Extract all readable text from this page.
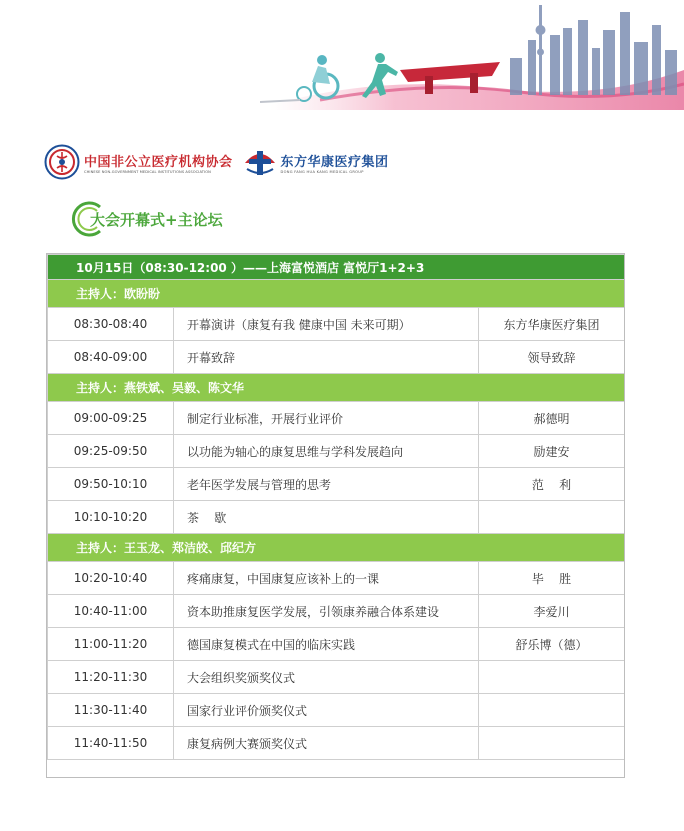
中国非公立医疗机构协会
CHINESE NON-GOVERNMENT MEDICAL INSTITUTIONS ASSOCIATION
东方华康医疗集团
DONG FANG HUA KANG MEDICAL GROUP
大会开幕式+主论坛
10月15日（08:30-12:00 ）——上海富悦酒店 富悦厅1+2+3		
主持人：欧盼盼		
08:30-08:40	开幕演讲（康复有我 健康中国 未来可期）	东方华康医疗集团
08:40-09:00	开幕致辞	领导致辞
主持人：燕铁斌、吴毅、陈文华		
09:00-09:25	制定行业标准，开展行业评价	郝德明
09:25-09:50	以功能为轴心的康复思维与学科发展趋向	励建安
09:50-10:10	老年医学发展与管理的思考	范    利
10:10-10:20	茶    歇	
主持人：王玉龙、郑洁皎、邱纪方		
10:20-10:40	疼痛康复，中国康复应该补上的一课	毕    胜
10:40-11:00	资本助推康复医学发展，引领康养融合体系建设	李爱川
11:00-11:20	德国康复模式在中国的临床实践	舒乐博（德）
11:20-11:30	大会组织奖颁奖仪式	
11:30-11:40	国家行业评价颁奖仪式	
11:40-11:50	康复病例大赛颁奖仪式	
